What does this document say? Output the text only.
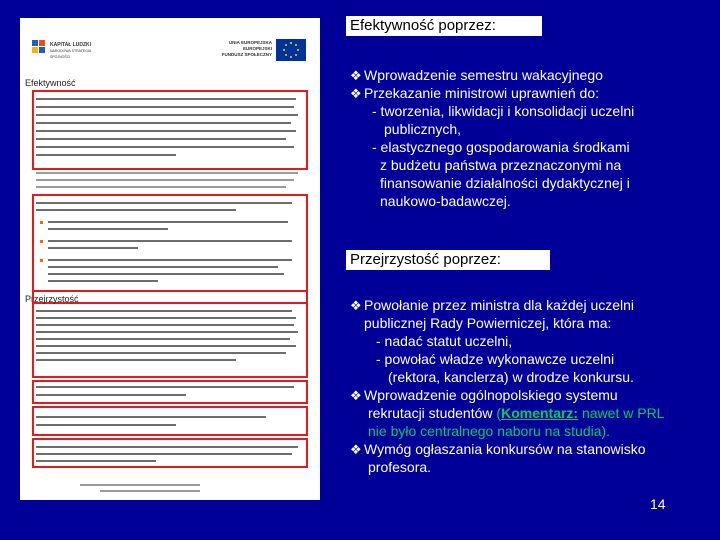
KAPITAŁ LUDZKI
NARODOWA STRATEGIA SPÓJNOŚCI
UNIA EUROPEJSKA
EUROPEJSKI
FUNDUSZ SPOŁECZNY
Efektywność
Przejrzystość
Efektywność poprzez:
❖ Wprowadzenie semestru wakacyjnego
❖ Przekazanie ministrowi uprawnień do:
- tworzenia, likwidacji i konsolidacji uczelni
publicznych,
- elastycznego gospodarowania środkami
z budżetu państwa przeznaczonymi na
finansowanie działalności dydaktycznej i
naukowo-badawczej.
Przejrzystość poprzez:
❖ Powołanie przez ministra dla każdej uczelni
publicznej Rady Powierniczej, która ma:
- nadać statut uczelni,
- powołać władze wykonawcze uczelni
(rektora, kanclerza) w drodze konkursu.
❖ Wprowadzenie ogólnopolskiego systemu
rekrutacji studentów (Komentarz: nawet w PRL
nie było centralnego naboru na studia).
❖ Wymóg ogłaszania konkursów na stanowisko
profesora.
14
